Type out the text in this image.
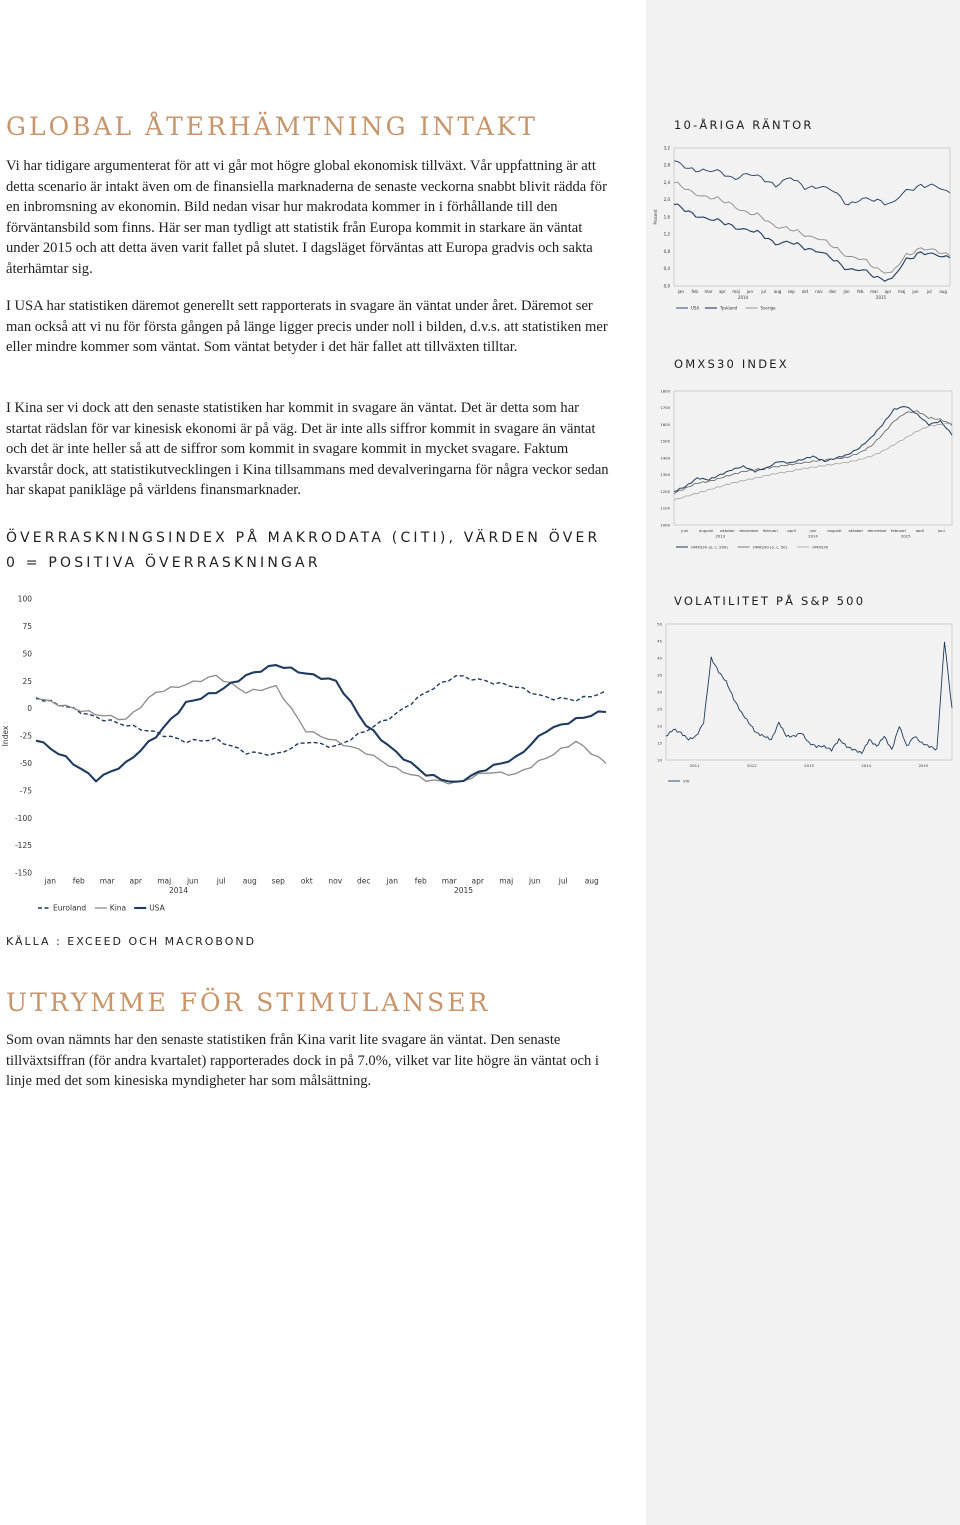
GLOBAL ÅTERHÄMTNING INTAKT

Vi har tidigare argumenterat för att vi går mot högre global ekonomisk tillväxt. Vår uppfattning är att detta scenario är intakt även om de finansiella marknaderna de senaste veckorna snabbt blivit rädda för en inbromsning av ekonomin. Bild nedan visar hur makrodata kommer in i förhållande till den förväntansbild som finns. Här ser man tydligt att statistik från Europa kommit in starkare än väntat under 2015 och att detta även varit fallet på slutet. I dagsläget förväntas att Europa gradvis och sakta återhämtar sig.

I USA har statistiken däremot generellt sett rapporterats in svagare än väntat under året. Däremot ser man också att vi nu för första gången på länge ligger precis under noll i bilden, d.v.s. att statistiken mer eller mindre kommer som väntat. Som väntat betyder i det här fallet att tillväxten tilltar.

I Kina ser vi dock att den senaste statistiken har kommit in svagare än väntat. Det är detta som har startat rädslan för var kinesisk ekonomi är på väg. Det är inte alls siffror kommit in svagare än väntat och det är inte heller så att de siffror som kommit in svagare kommit in mycket svagare. Faktum kvarstår dock, att statistikutvecklingen i Kina tillsammans med devalveringarna för några veckor sedan har skapat panikläge på världens finansmarknader.

ÖVERRASKNINGSINDEX PÅ MAKRODATA (CITI), VÄRDEN ÖVER 0 = POSITIVA ÖVERRASKNINGAR
100
75
50
25
0
-25
-50
-75
-100
-125
-150
Index
jan feb mar apr maj jun jul aug sep okt nov dec jan feb mar apr maj jun jul aug
2014	2015
Euroland	Kina	USA
KÄLLA : EXCEED OCH MACROBOND
UTRYMME FÖR STIMULANSER

Som ovan nämnts har den senaste statistiken från Kina varit lite svagare än väntat. Den senaste tillväxtsiffran (för andra kvartalet) rapporterades dock in på 7.0%, vilket var lite högre än väntat och i linje med det som kinesiska myndigheter har som målsättning.

10-ÅRIGA RÄNTOR
3,2
2,8
2,4
2,0
1,6
1,2
0,8
0,4
0,0
Procent
jan feb mar apr maj jun jul aug sep okt nov dec jan feb mar apr maj jun jul aug
2014	2015
USA	Tyskland	Sverige
OMXS30 INDEX
1800
1700
1600
1500
1400
1300
1200
1100
1000
juni	augusti oktober december februari	april	juni	augusti oktober december februari	april	juni
2013	2014	2015
OMXS30 (o, c, 200)	OMXS30 (o, c, 50)	OMXS30
VOLATILITET PÅ S&P 500
50
45
40
35
30
25
20
15
10
2011	2012	2013	2014	2015
VIX
